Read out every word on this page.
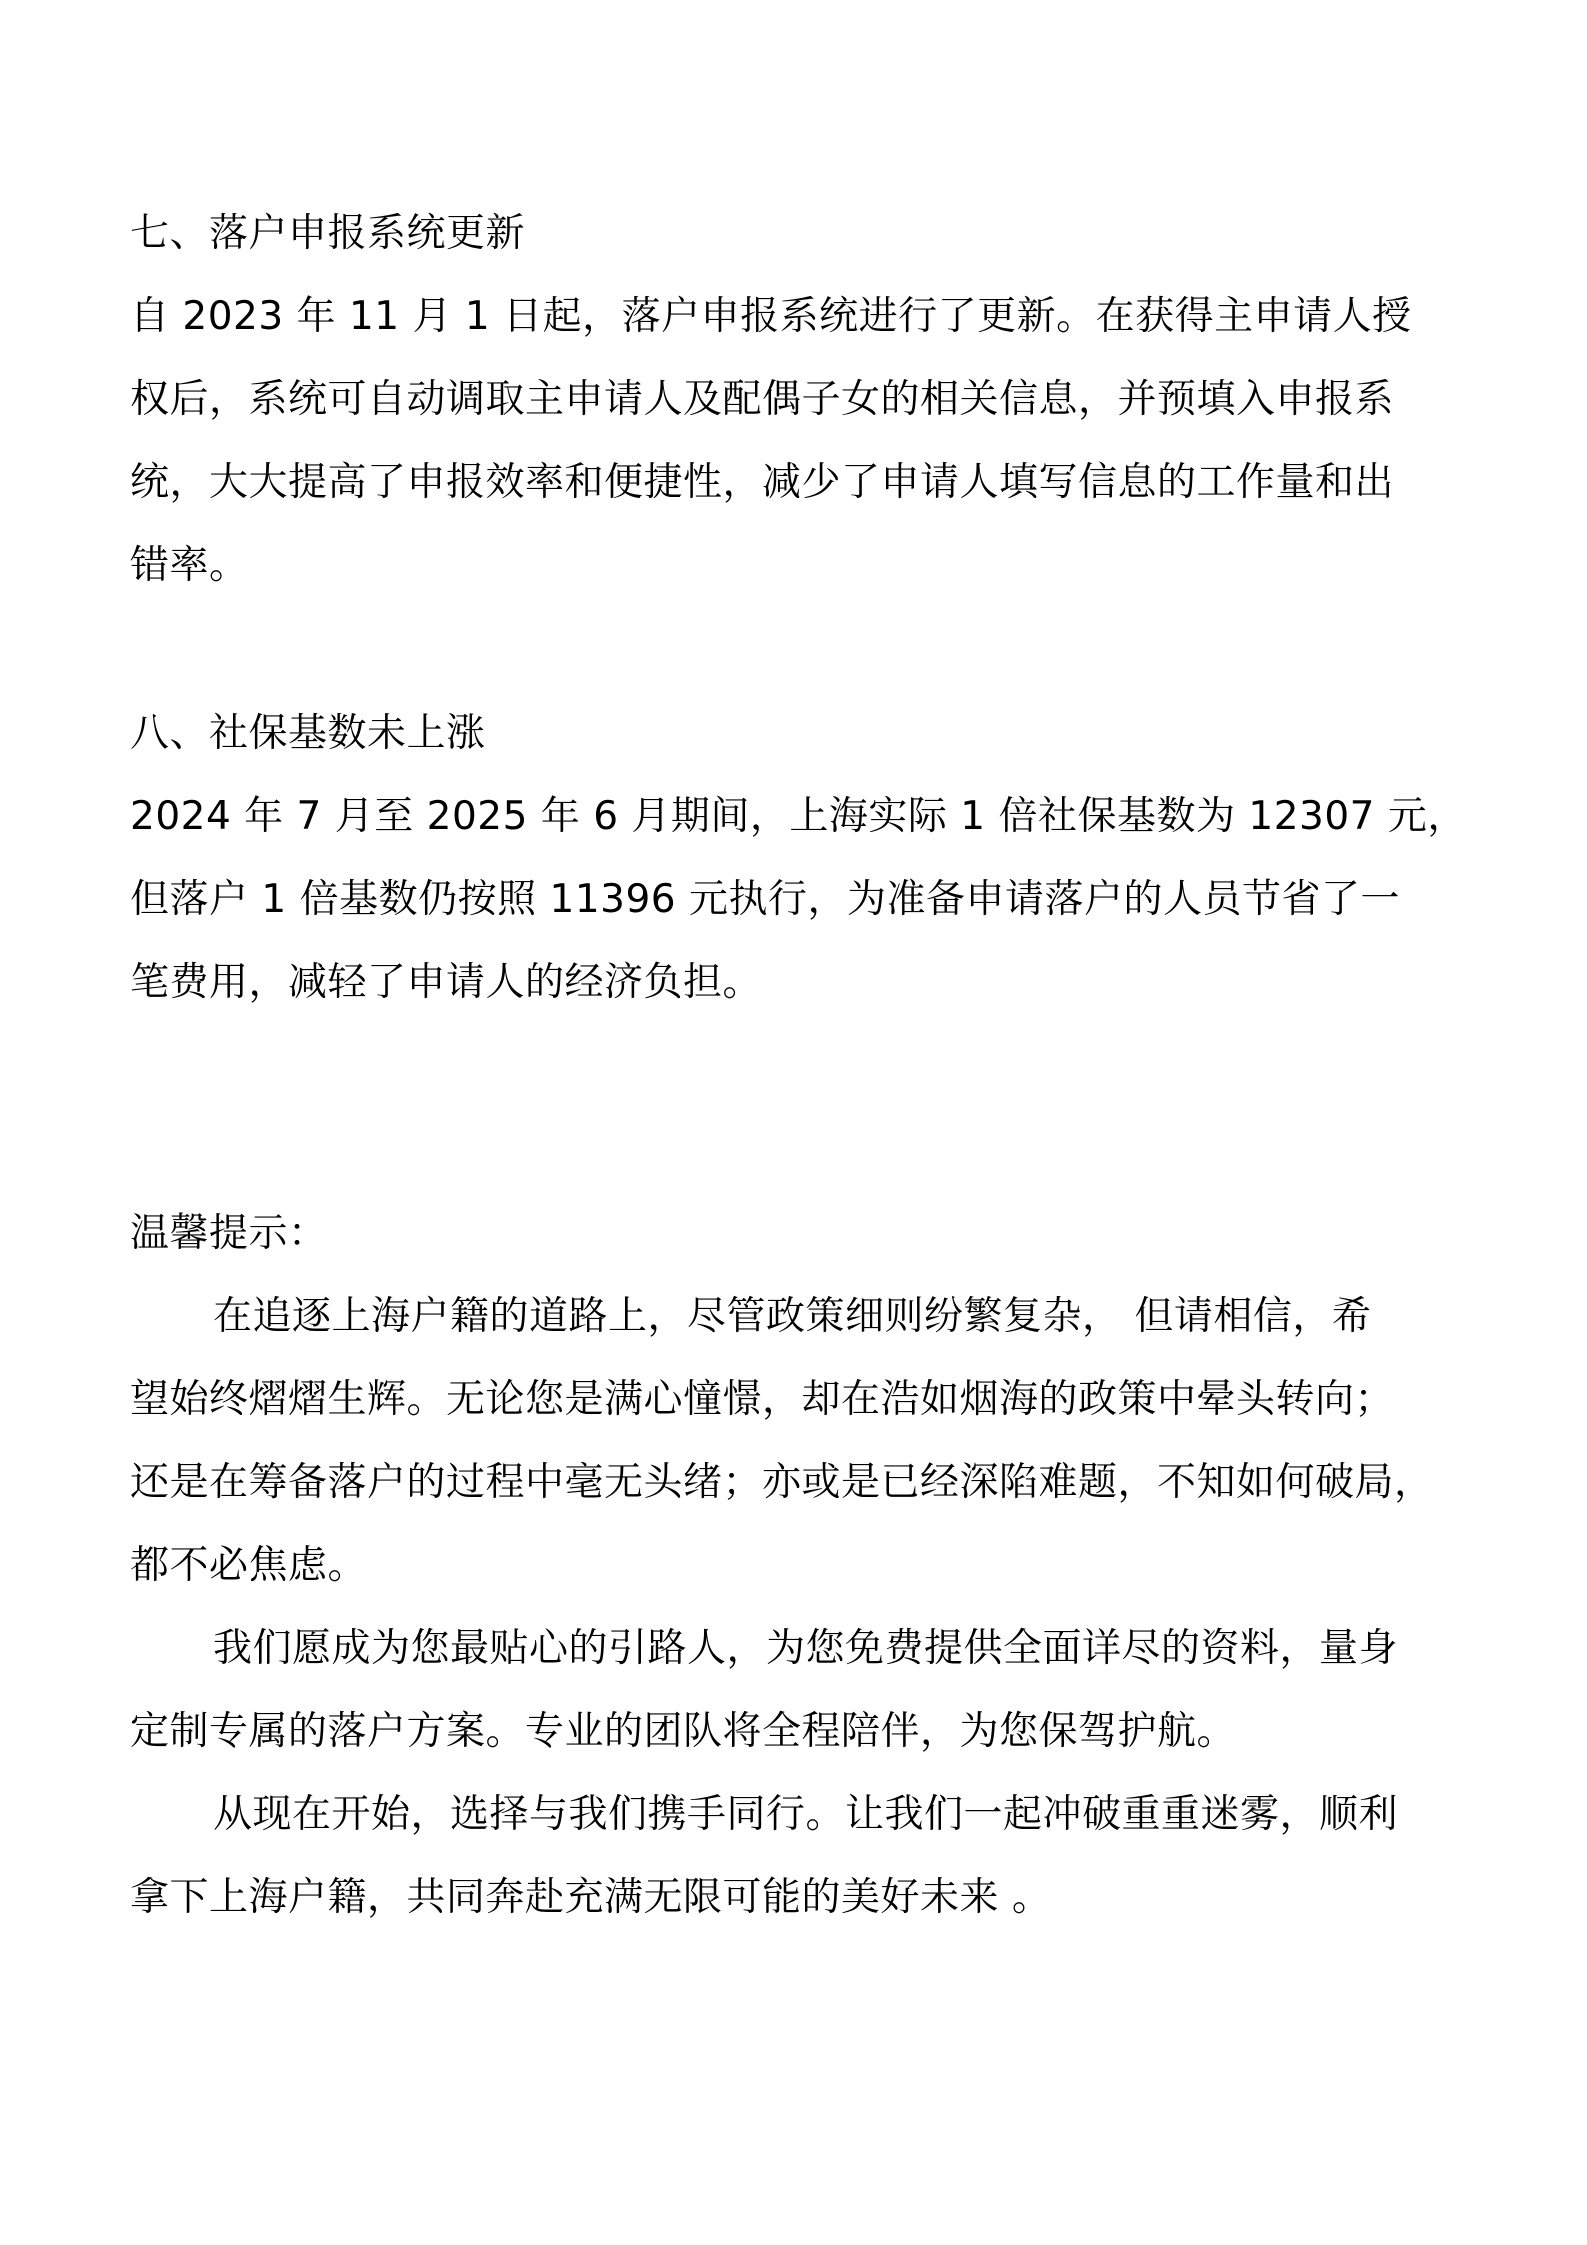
七、落户申报系统更新
自 2023 年 11 月 1 日起，落户申报系统进行了更新。在获得主申请人授
权后，系统可自动调取主申请人及配偶子女的相关信息，并预填入申报系
统，大大提高了申报效率和便捷性，减少了申请人填写信息的工作量和出
错率。
八、社保基数未上涨
2024 年 7 月至 2025 年 6 月期间，上海实际 1 倍社保基数为 12307 元，
但落户 1 倍基数仍按照 11396 元执行，为准备申请落户的人员节省了一
笔费用，减轻了申请人的经济负担。
温馨提示：
在追逐上海户籍的道路上，尽管政策细则纷繁复杂， 但请相信，希
望始终熠熠生辉。无论您是满心憧憬，却在浩如烟海的政策中晕头转向；
还是在筹备落户的过程中毫无头绪；亦或是已经深陷难题，不知如何破局，
都不必焦虑。
我们愿成为您最贴心的引路人，为您免费提供全面详尽的资料，量身
定制专属的落户方案。专业的团队将全程陪伴，为您保驾护航。
从现在开始，选择与我们携手同行。让我们一起冲破重重迷雾，顺利
拿下上海户籍，共同奔赴充满无限可能的美好未来 。
